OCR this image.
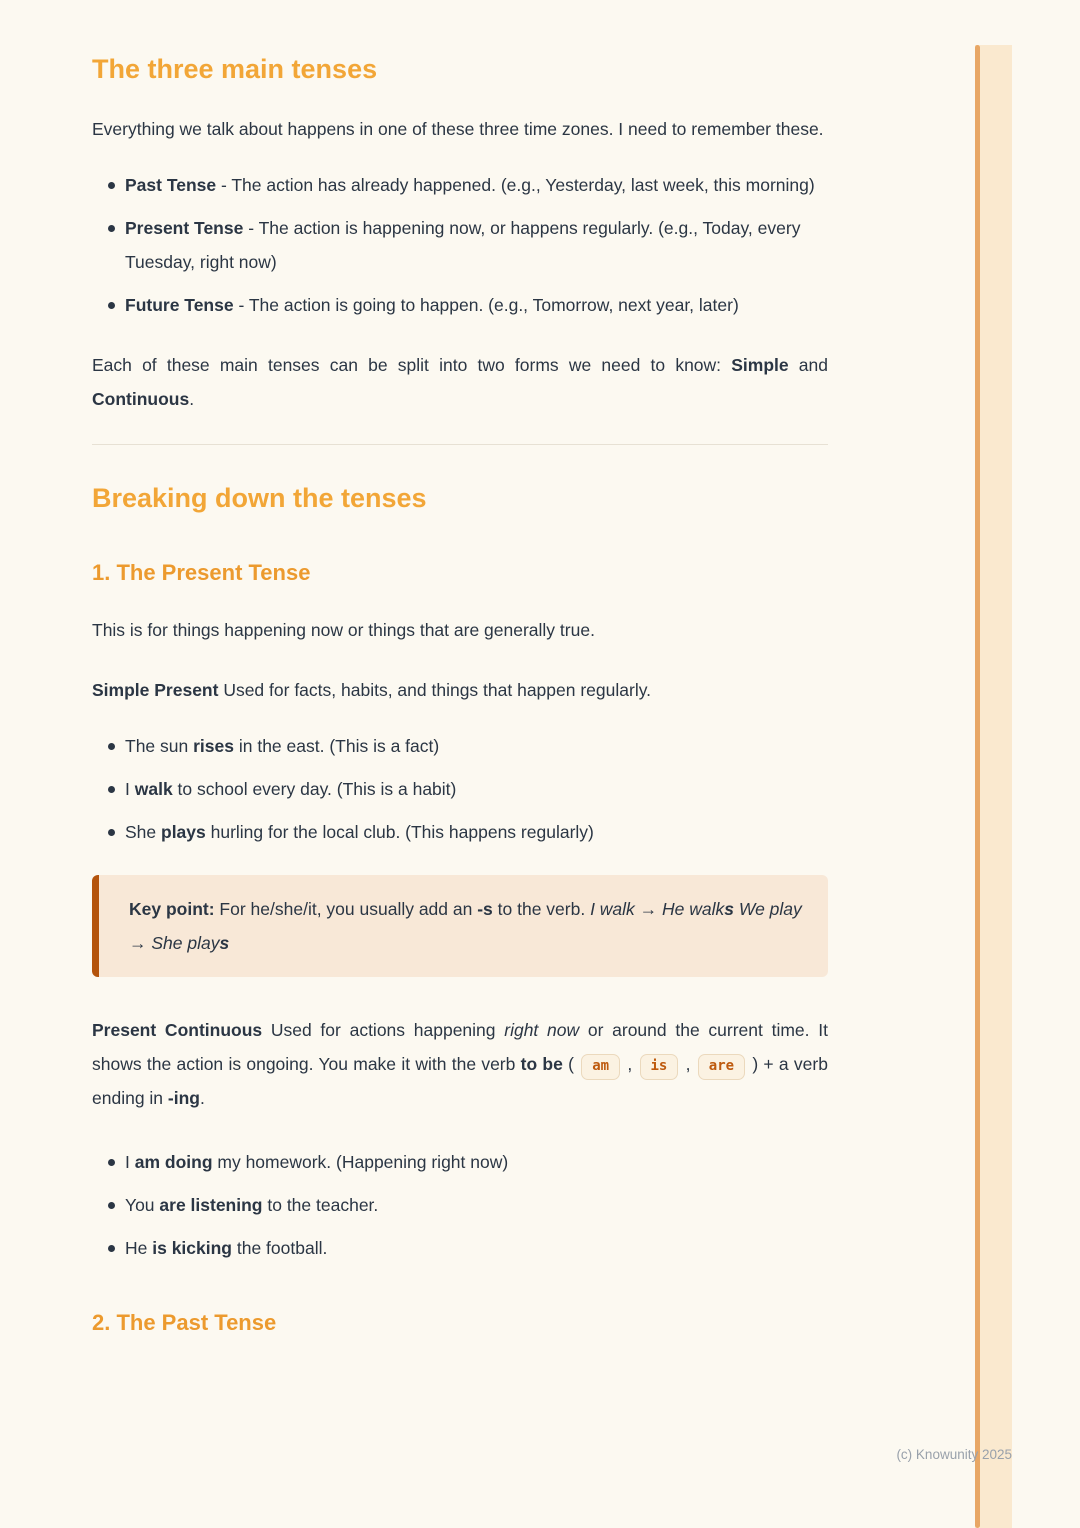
The three main tenses

Everything we talk about happens in one of these three time zones. I need to remember these.

Past Tense - The action has already happened. (e.g., Yesterday, last week, this morning)
Present Tense - The action is happening now, or happens regularly. (e.g., Today, every Tuesday, right now)
Future Tense - The action is going to happen. (e.g., Tomorrow, next year, later)

Each of these main tenses can be split into two forms we need to know: Simple and Continuous.

Breaking down the tenses
1. The Present Tense

This is for things happening now or things that are generally true.

Simple Present Used for facts, habits, and things that happen regularly.

The sun rises in the east. (This is a fact)
I walk to school every day. (This is a habit)
She plays hurling for the local club. (This happens regularly)

Key point: For he/she/it, you usually add an -s to the verb. I walk → He walks We play → She plays

Present Continuous Used for actions happening right now or around the current time. It shows the action is ongoing. You make it with the verb to be ( am , is , are ) + a verb ending in -ing.

I am doing my homework. (Happening right now)
You are listening to the teacher.
He is kicking the football.
2. The Past Tense
(c) Knowunity 2025
